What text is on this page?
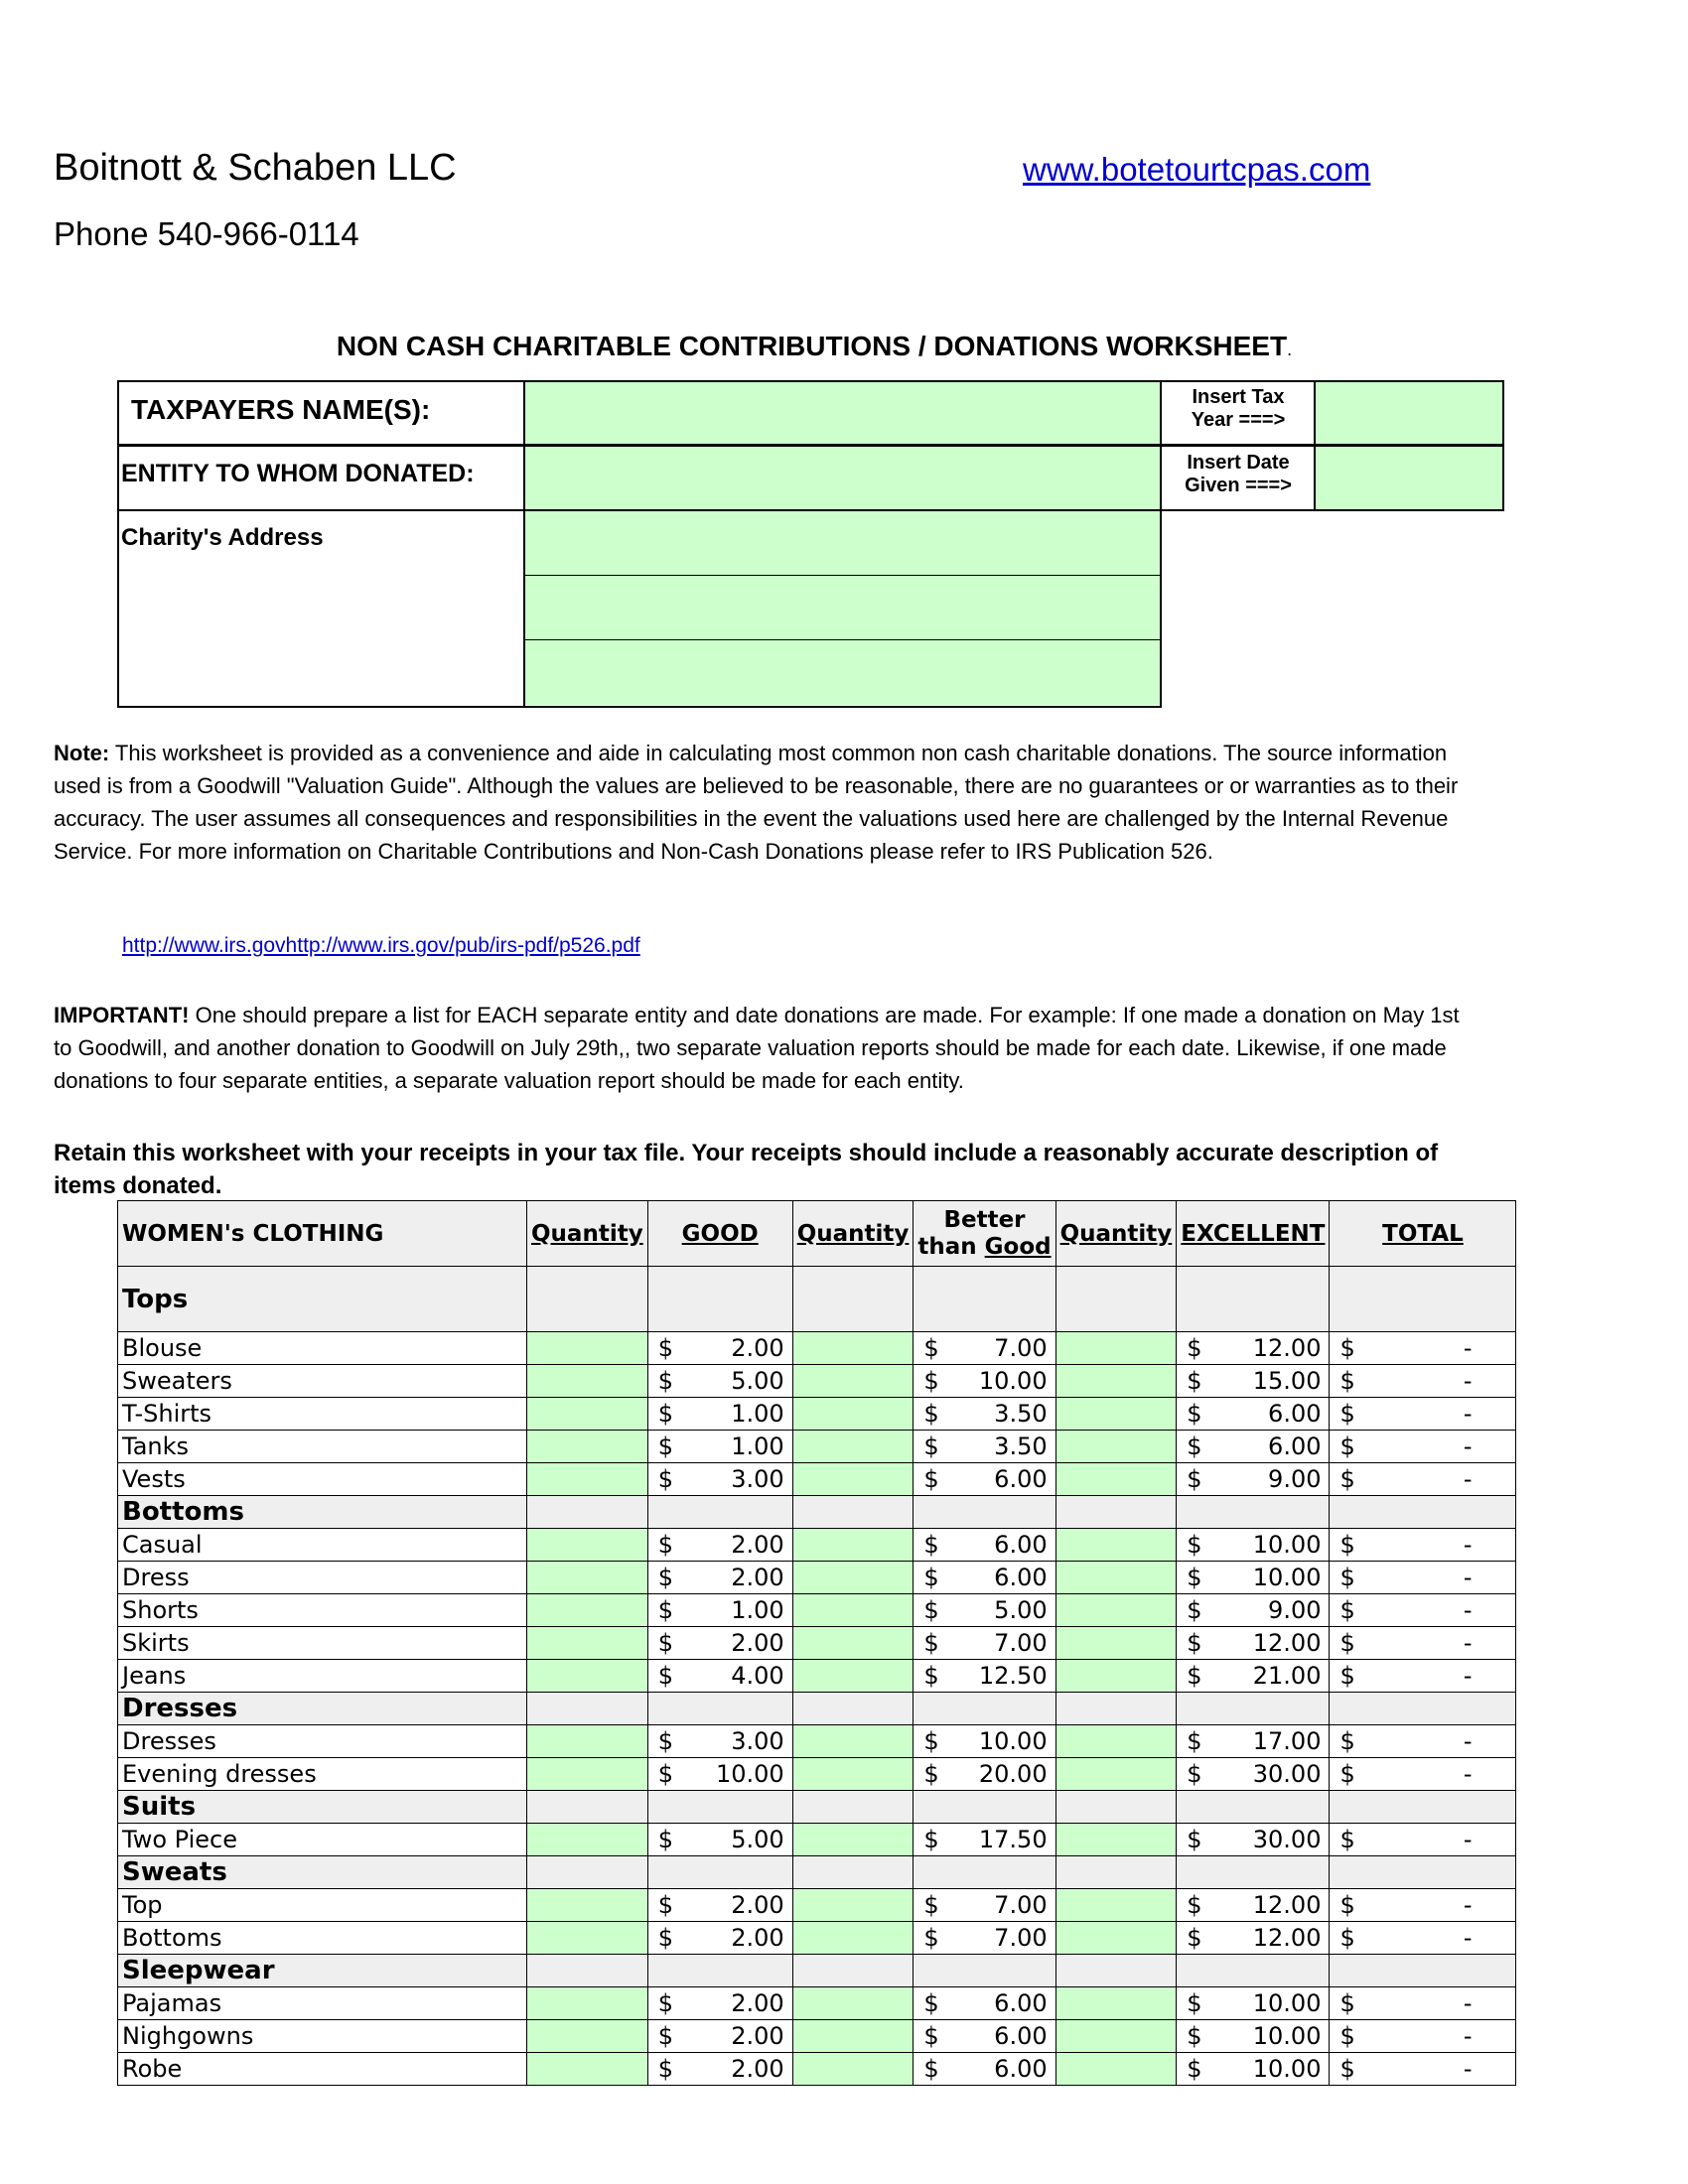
Boitnott & Schaben LLC
Phone 540-966-0114
www.botetourtcpas.com
NON CASH CHARITABLE CONTRIBUTIONS / DONATIONS WORKSHEET.
TAXPAYERS NAME(S):	Insert Tax
Year ===>
ENTITY TO WHOM DONATED:	Insert Date
Given ===>
Charity's Address
Note: This worksheet is provided as a convenience and aide in calculating most common non cash charitable donations. The source information used is from a Goodwill "Valuation Guide". Although the values are believed to be reasonable, there are no guarantees or or warranties as to their accuracy. The user assumes all consequences and responsibilities in the event the valuations used here are challenged by the Internal Revenue Service. For more information on Charitable Contributions and Non-Cash Donations please refer to IRS Publication 526.
http://www.irs.govhttp://www.irs.gov/pub/irs-pdf/p526.pdf
IMPORTANT! One should prepare a list for EACH separate entity and date donations are made. For example: If one made a donation on May 1st to Goodwill, and another donation to Goodwill on July 29th,, two separate valuation reports should be made for each date. Likewise, if one made donations to four separate entities, a separate valuation report should be made for each entity.
Retain this worksheet with your receipts in your tax file. Your receipts should include a reasonably accurate description of items donated.
WOMEN's CLOTHING	Quantity	GOOD	Quantity	Better
than Good	Quantity	EXCELLENT	TOTAL
Tops							
Blouse		$ 2.00		$ 7.00		$ 12.00	$ -

Sweaters		$ 5.00		$ 10.00		$ 15.00	$ -

T-Shirts		$ 1.00		$ 3.50		$ 6.00	$ -

Tanks		$ 1.00		$ 3.50		$ 6.00	$ -

Vests		$ 3.00		$ 6.00		$ 9.00	$ -

Bottoms							
Casual		$ 2.00		$ 6.00		$ 10.00	$ -

Dress		$ 2.00		$ 6.00		$ 10.00	$ -

Shorts		$ 1.00		$ 5.00		$ 9.00	$ -

Skirts		$ 2.00		$ 7.00		$ 12.00	$ -

Jeans		$ 4.00		$ 12.50		$ 21.00	$ -

Dresses							
Dresses		$ 3.00		$ 10.00		$ 17.00	$ -

Evening dresses		$ 10.00		$ 20.00		$ 30.00	$ -

Suits							
Two Piece		$ 5.00		$ 17.50		$ 30.00	$ -

Sweats							
Top		$ 2.00		$ 7.00		$ 12.00	$ -

Bottoms		$ 2.00		$ 7.00		$ 12.00	$ -

Sleepwear							
Pajamas		$ 2.00		$ 6.00		$ 10.00	$ -

Nighgowns		$ 2.00		$ 6.00		$ 10.00	$ -

Robe		$ 2.00		$ 6.00		$ 10.00	$ -
